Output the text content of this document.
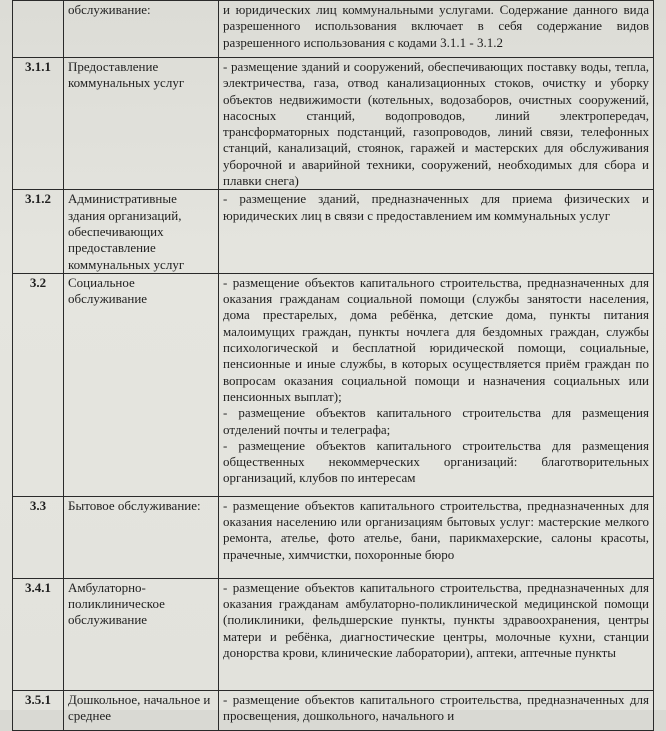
	обслуживание:	и юридических лиц коммунальными услугами. Содержание данного вида разрешенного использования включает в себя содержание видов разрешенного использования с кодами 3.1.1 - 3.1.2

3.1.1	Предоставление коммунальных услуг	- размещение зданий и сооружений, обеспечивающих поставку воды, тепла, электричества, газа, отвод канализационных стоков, очистку и уборку объектов недвижимости (котельных, водозаборов, очистных сооружений, насосных станций, водопроводов, линий электропередач, трансформаторных подстанций, газопроводов, линий связи, телефонных станций, канализаций, стоянок, гаражей и мастерских для обслуживания уборочной и аварийной техники, сооружений, необходимых для сбора и плавки снега)

3.1.2	Административные здания организаций, обеспечивающих предоставление коммунальных услуг	- размещение зданий, предназначенных для приема физических и юридических лиц в связи с предоставлением им коммунальных услуг

3.2	Социальное обслуживание	- размещение объектов капитального строительства, предназначенных для оказания гражданам социальной помощи (службы занятости населения, дома престарелых, дома ребёнка, детские дома, пункты питания малоимущих граждан, пункты ночлега для бездомных граждан, службы психологической и бесплатной юридической помощи, социальные, пенсионные и иные службы, в которых осуществляется приём граждан по вопросам оказания социальной помощи и назначения социальных или пенсионных выплат);
- размещение объектов капитального строительства для размещения отделений почты и телеграфа;
- размещение объектов капитального строительства для размещения общественных некоммерческих организаций: благотворительных организаций, клубов по интересам

3.3	Бытовое обслуживание:	- размещение объектов капитального строительства, предназначенных для оказания населению или организациям бытовых услуг: мастерские мелкого ремонта, ателье, фото ателье, бани, парикмахерские, салоны красоты, прачечные, химчистки, похоронные бюро

3.4.1	Амбулаторно-поликлиническое обслуживание	- размещение объектов капитального строительства, предназначенных для оказания гражданам амбулаторно-поликлинической медицинской помощи (поликлиники, фельдшерские пункты, пункты здравоохранения, центры матери и ребёнка, диагностические центры, молочные кухни, станции донорства крови, клинические лаборатории), аптеки, аптечные пункты

3.5.1	Дошкольное, начальное и среднее	- размещение объектов капитального строительства, предназначенных для просвещения, дошкольного, начального и
